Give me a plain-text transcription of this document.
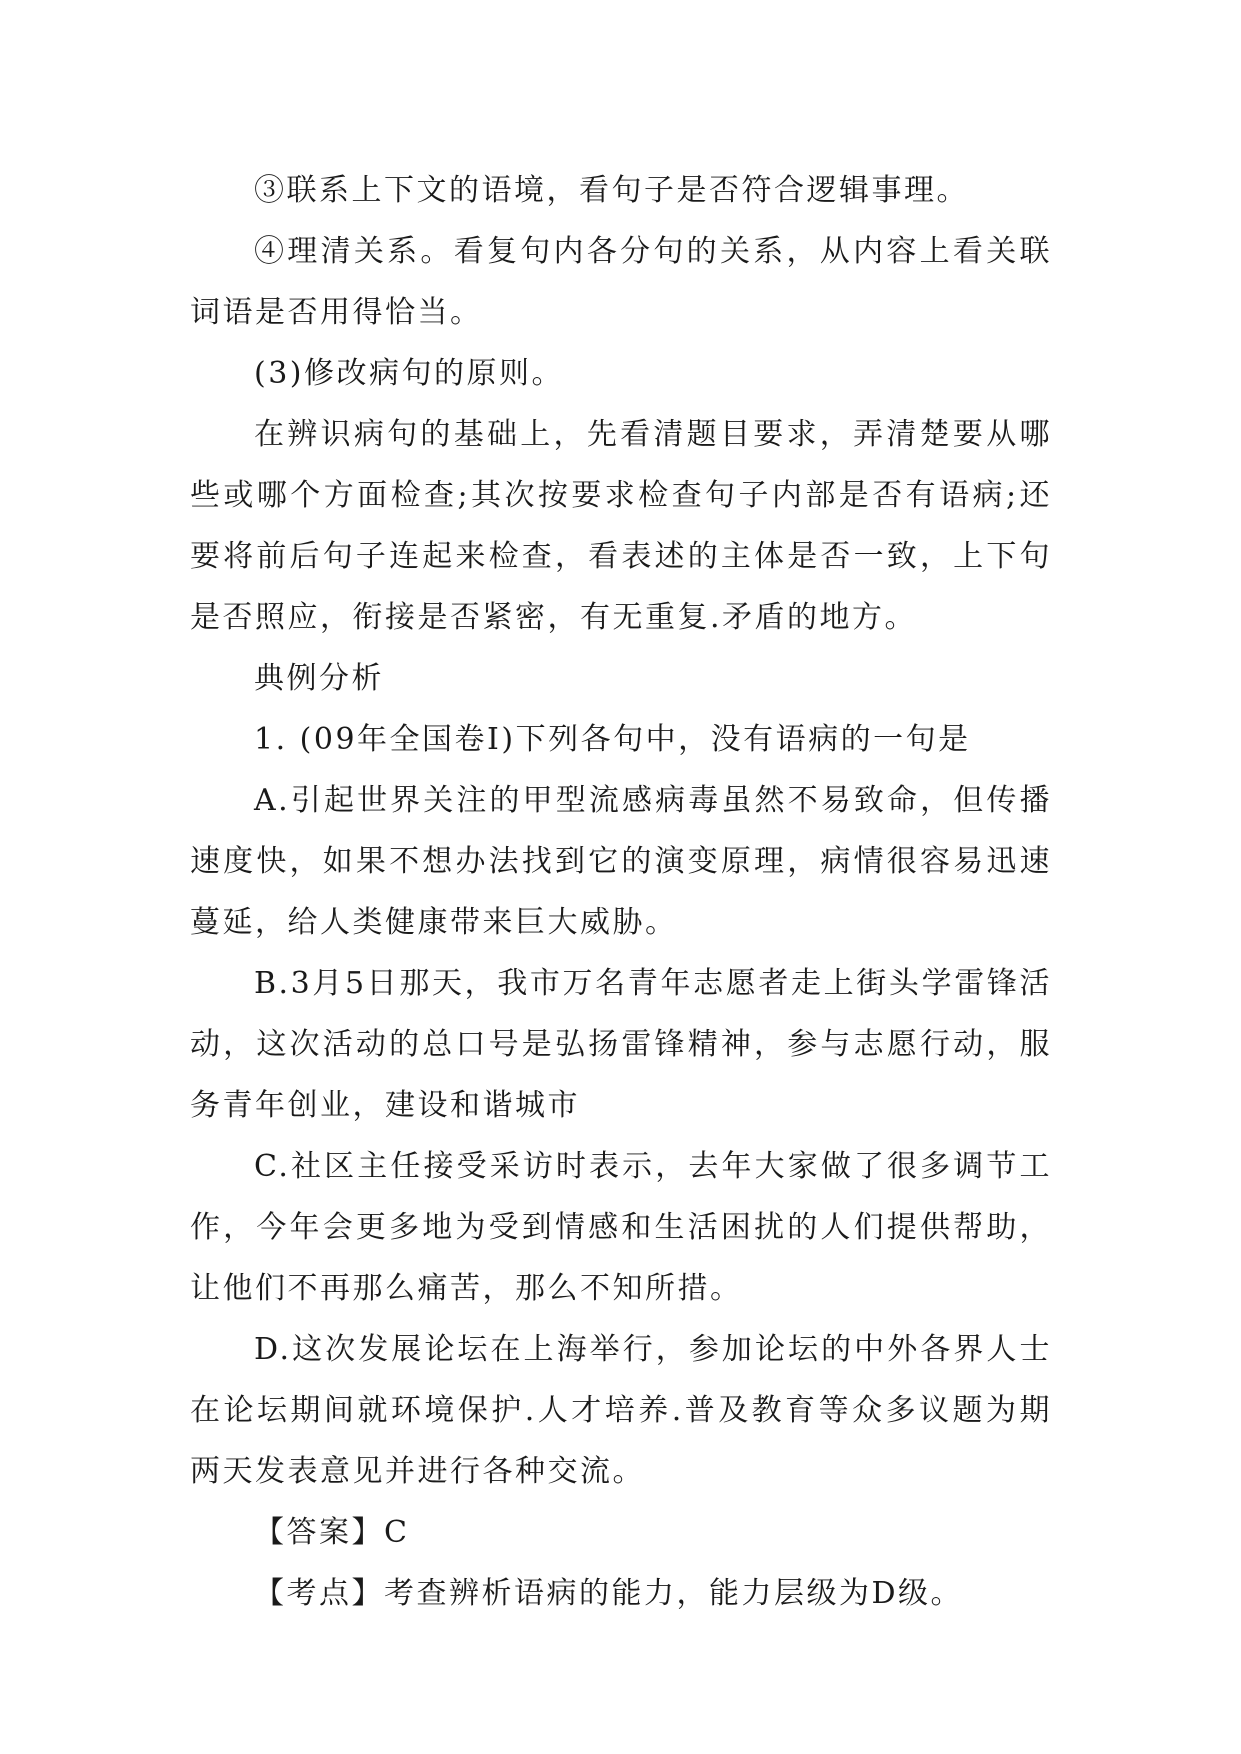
③联系上下文的语境，看句子是否符合逻辑事理。

④理清关系。看复句内各分句的关系，从内容上看关联词语是否用得恰当。

(3)修改病句的原则。

在辨识病句的基础上，先看清题目要求，弄清楚要从哪些或哪个方面检查;其次按要求检查句子内部是否有语病;还要将前后句子连起来检查，看表述的主体是否一致，上下句是否照应，衔接是否紧密，有无重复.矛盾的地方。

典例分析

1. (09年全国卷Ⅰ)下列各句中，没有语病的一句是

A.引起世界关注的甲型流感病毒虽然不易致命，但传播速度快，如果不想办法找到它的演变原理，病情很容易迅速蔓延，给人类健康带来巨大威胁。

B.3月5日那天，我市万名青年志愿者走上街头学雷锋活动，这次活动的总口号是弘扬雷锋精神，参与志愿行动，服务青年创业，建设和谐城市

C.社区主任接受采访时表示，去年大家做了很多调节工作，今年会更多地为受到情感和生活困扰的人们提供帮助，让他们不再那么痛苦，那么不知所措。

D.这次发展论坛在上海举行，参加论坛的中外各界人士在论坛期间就环境保护.人才培养.普及教育等众多议题为期两天发表意见并进行各种交流。

【答案】C

【考点】考查辨析语病的能力，能力层级为D级。
